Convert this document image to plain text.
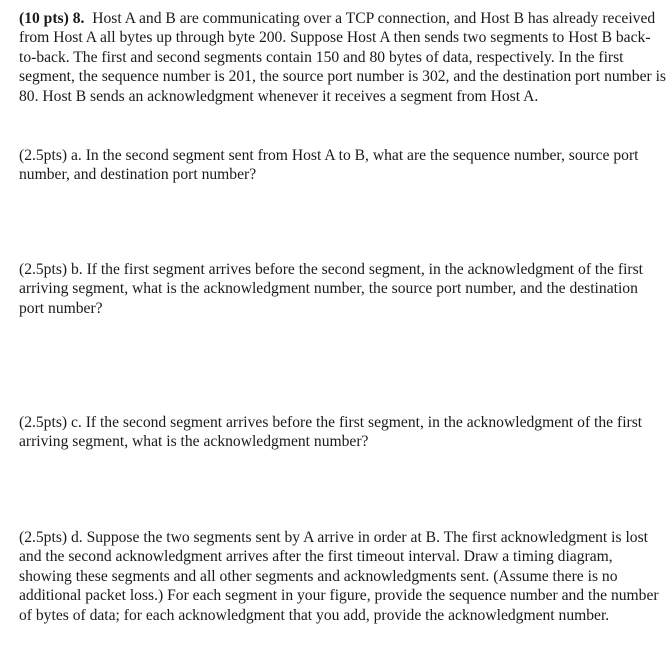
(10 pts) 8. Host A and B are communicating over a TCP connection, and Host B has already received from Host A all bytes up through byte 200. Suppose Host A then sends two segments to Host B back-to-back. The first and second segments contain 150 and 80 bytes of data, respectively. In the first segment, the sequence number is 201, the source port number is 302, and the destination port number is 80. Host B sends an acknowledgment whenever it receives a segment from Host A.

(2.5pts) a. In the second segment sent from Host A to B, what are the sequence number, source port number, and destination port number?

(2.5pts) b. If the first segment arrives before the second segment, in the acknowledgment of the first arriving segment, what is the acknowledgment number, the source port number, and the destination port number?

(2.5pts) c. If the second segment arrives before the first segment, in the acknowledgment of the first arriving segment, what is the acknowledgment number?

(2.5pts) d. Suppose the two segments sent by A arrive in order at B. The first acknowledgment is lost and the second acknowledgment arrives after the first timeout interval. Draw a timing diagram, showing these segments and all other segments and acknowledgments sent. (Assume there is no additional packet loss.) For each segment in your figure, provide the sequence number and the number of bytes of data; for each acknowledgment that you add, provide the acknowledgment number.
